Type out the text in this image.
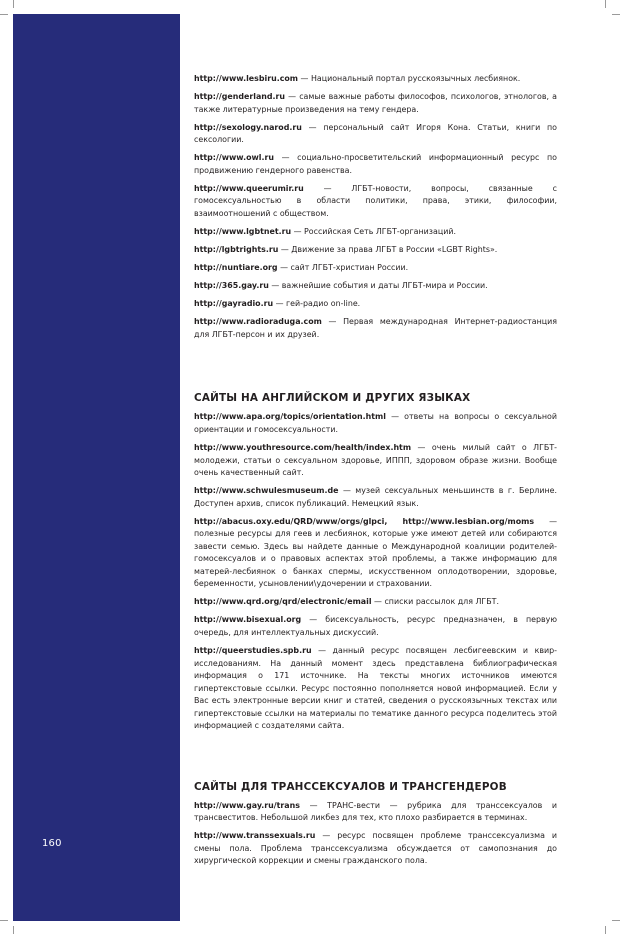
160

http://www.lesbiru.com — Национальный портал русскоязычных лесбиянок.

http://genderland.ru — самые важные работы философов, психологов, этнологов, а также литературные произведения на тему гендера.

http://sexology.narod.ru — персональный сайт Игоря Кона. Статьи, книги по сексологии.

http://www.owl.ru — социально-просветительский информационный ресурс по продвижению гендерного равенства.

http://www.queerumir.ru — ЛГБТ-новости, вопросы, связанные с гомосексуальностью в области политики, права, этики, философии, взаимоотношений с обществом.

http://www.lgbtnet.ru — Российская Сеть ЛГБТ-организаций.

http://lgbtrights.ru — Движение за права ЛГБТ в России «LGBT Rights».

http://nuntiare.org — сайт ЛГБТ-христиан России.

http://365.gay.ru — важнейшие события и даты ЛГБТ-мира и России.

http://gayradio.ru — гей-радио on-line.

http://www.radioraduga.com — Первая международная Интернет-радиостанция для ЛГБТ-персон и их друзей.

САЙТЫ НА АНГЛИЙСКОМ И ДРУГИХ ЯЗЫКАХ

http://www.apa.org/topics/orientation.html — ответы на вопросы о сексуальной ориентации и гомосексуальности.

http://www.youthresource.com/health/index.htm — очень милый сайт о ЛГБТ-молодежи, статьи о сексуальном здоровье, ИППП, здоровом образе жизни. Вообще очень качественный сайт.

http://www.schwulesmuseum.de — музей сексуальных меньшинств в г. Берлине. Доступен архив, список публикаций. Немецкий язык.

http://abacus.oxy.edu/QRD/www/orgs/glpci, http://www.lesbian.org/moms — полезные ресурсы для геев и лесбиянок, которые уже имеют детей или собираются завести семью. Здесь вы найдете данные о Международной коалиции родителей-гомосексуалов и о правовых аспектах этой проблемы, а также информацию для матерей-лесбиянок о банках спермы, искусственном оплодотворении, здоровье, беременности, усыновлении\удочерении и страховании.

http://www.qrd.org/qrd/electronic/email — списки рассылок для ЛГБТ.

http://www.bisexual.org — бисексуальность, ресурс предназначен, в первую очередь, для интеллектуальных дискуссий.

http://queerstudies.spb.ru — данный ресурс посвящен лесбигеевским и квир-исследованиям. На данный момент здесь представлена библиографическая информация о 171 источнике. На тексты многих источников имеются гипертекстовые ссылки. Ресурс постоянно пополняется новой информацией. Если у Вас есть электронные версии книг и статей, сведения о русскоязычных текстах или гипертекстовые ссылки на материалы по тематике данного ресурса поделитесь этой информацией с создателями сайта.

САЙТЫ ДЛЯ ТРАНССЕКСУАЛОВ И ТРАНСГЕНДЕРОВ

http://www.gay.ru/trans — ТРАНС-вести — рубрика для транссексуалов и трансвеститов. Небольшой ликбез для тех, кто плохо разбирается в терминах.

http://www.transsexuals.ru — ресурс посвящен проблеме транссексуализма и смены пола. Проблема транссексуализма обсуждается от самопознания до хирургической коррекции и смены гражданского пола.
